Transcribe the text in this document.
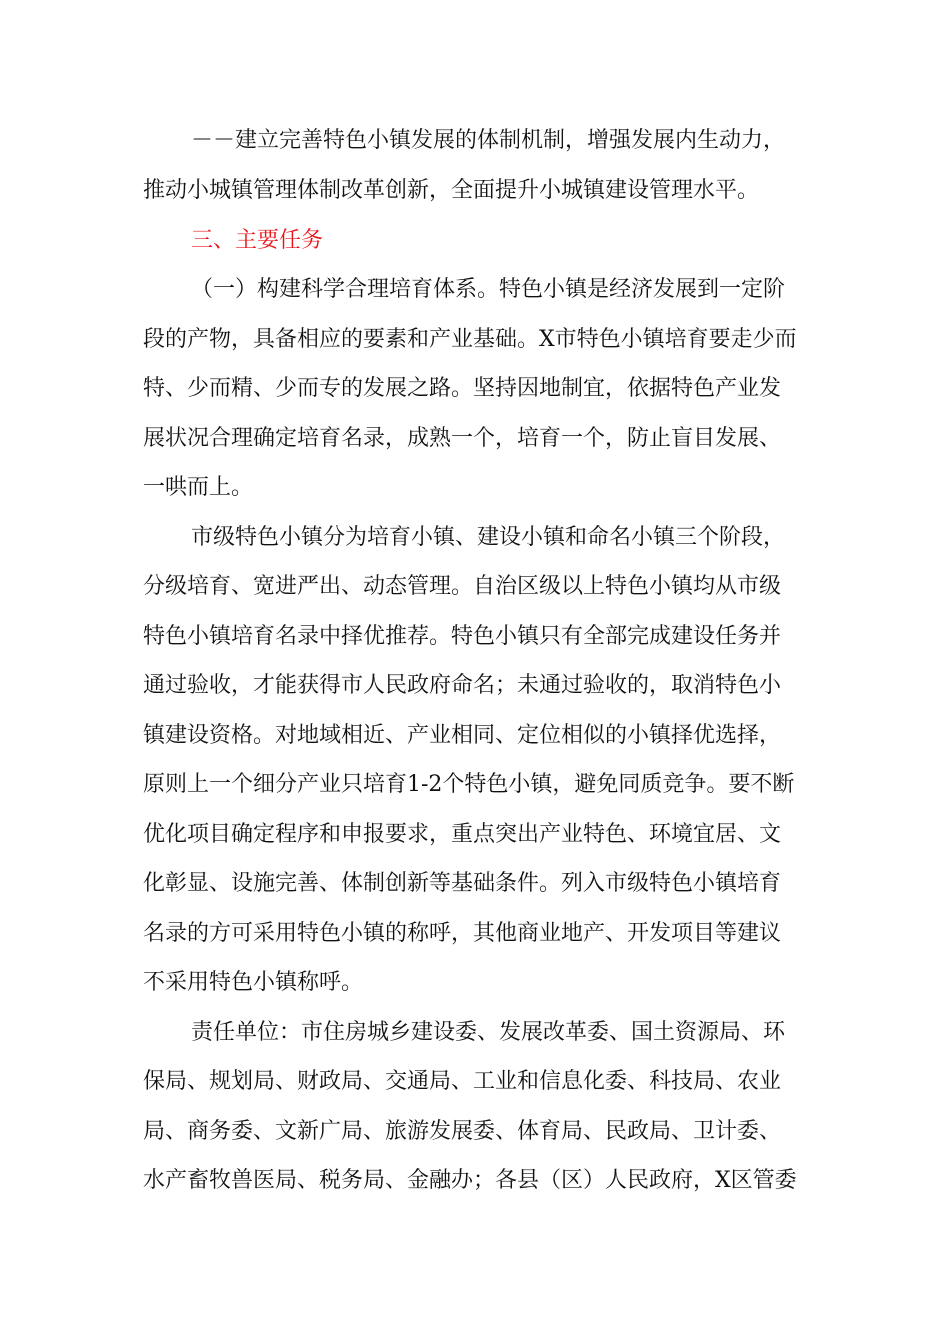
－－建立完善特色小镇发展的体制机制，增强发展内生动力，

推动小城镇管理体制改革创新，全面提升小城镇建设管理水平。

三、主要任务

（一）构建科学合理培育体系。特色小镇是经济发展到一定阶

段的产物，具备相应的要素和产业基础。X市特色小镇培育要走少而

特、少而精、少而专的发展之路。坚持因地制宜，依据特色产业发

展状况合理确定培育名录，成熟一个，培育一个，防止盲目发展、

一哄而上。

市级特色小镇分为培育小镇、建设小镇和命名小镇三个阶段，

分级培育、宽进严出、动态管理。自治区级以上特色小镇均从市级

特色小镇培育名录中择优推荐。特色小镇只有全部完成建设任务并

通过验收，才能获得市人民政府命名；未通过验收的，取消特色小

镇建设资格。对地域相近、产业相同、定位相似的小镇择优选择，

原则上一个细分产业只培育1-2个特色小镇，避免同质竞争。要不断

优化项目确定程序和申报要求，重点突出产业特色、环境宜居、文

化彰显、设施完善、体制创新等基础条件。列入市级特色小镇培育

名录的方可采用特色小镇的称呼，其他商业地产、开发项目等建议

不采用特色小镇称呼。

责任单位：市住房城乡建设委、发展改革委、国土资源局、环

保局、规划局、财政局、交通局、工业和信息化委、科技局、农业

局、商务委、文新广局、旅游发展委、体育局、民政局、卫计委、

水产畜牧兽医局、税务局、金融办；各县（区）人民政府，X区管委
